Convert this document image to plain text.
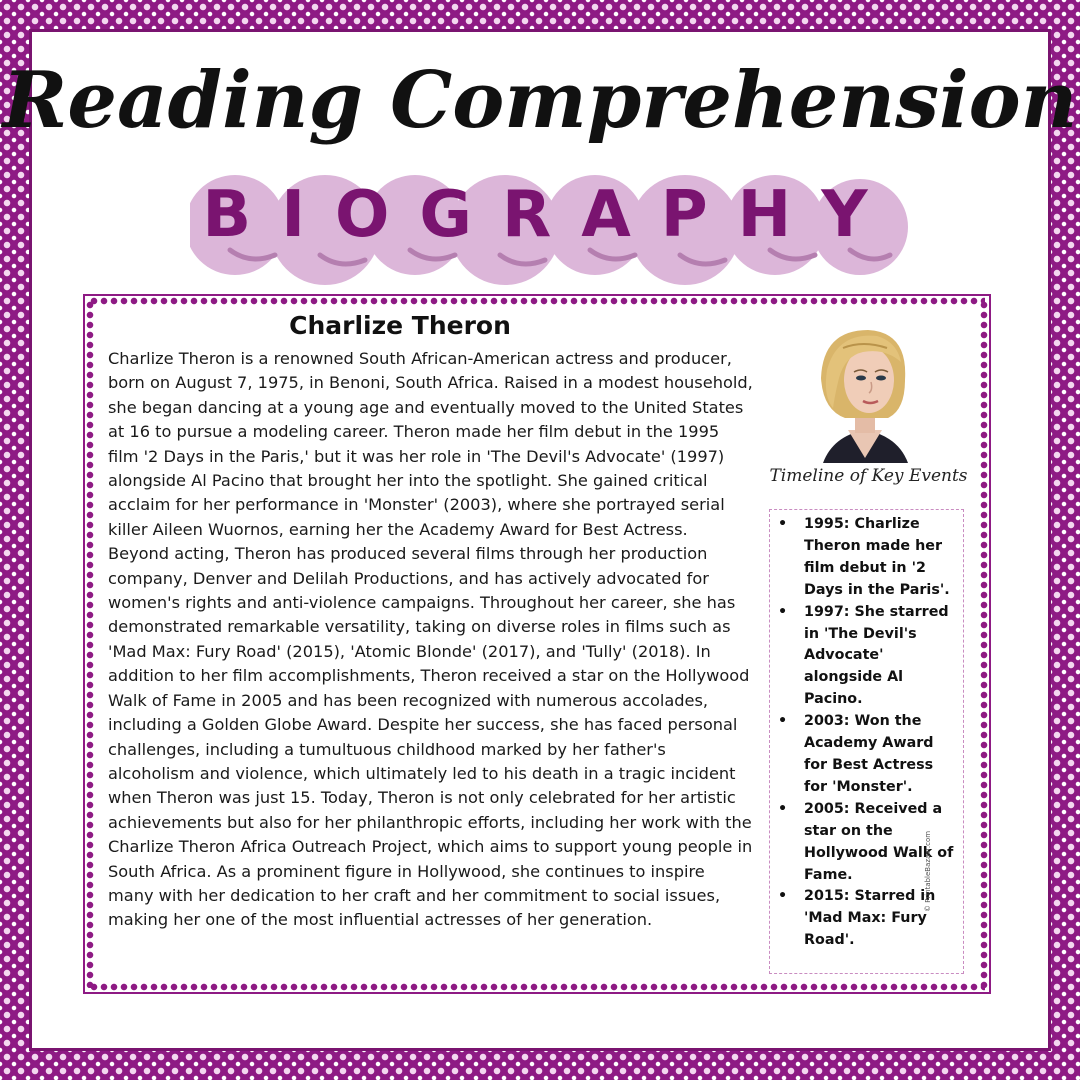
Reading Comprehension
BIOGRAPHY
Charlize Theron

Charlize Theron is a renowned South African-American actress and producer, born on August 7, 1975, in Benoni, South Africa. Raised in a modest household, she began dancing at a young age and eventually moved to the United States at 16 to pursue a modeling career. Theron made her film debut in the 1995 film '2 Days in the Paris,' but it was her role in 'The Devil's Advocate' (1997) alongside Al Pacino that brought her into the spotlight. She gained critical acclaim for her performance in 'Monster' (2003), where she portrayed serial killer Aileen Wuornos, earning her the Academy Award for Best Actress. Beyond acting, Theron has produced several films through her production company, Denver and Delilah Productions, and has actively advocated for women's rights and anti-violence campaigns. Throughout her career, she has demonstrated remarkable versatility, taking on diverse roles in films such as 'Mad Max: Fury Road' (2015), 'Atomic Blonde' (2017), and 'Tully' (2018). In addition to her film accomplishments, Theron received a star on the Hollywood Walk of Fame in 2005 and has been recognized with numerous accolades, including a Golden Globe Award. Despite her success, she has faced personal challenges, including a tumultuous childhood marked by her father's alcoholism and violence, which ultimately led to his death in a tragic incident when Theron was just 15. Today, Theron is not only celebrated for her artistic achievements but also for her philanthropic efforts, including her work with the Charlize Theron Africa Outreach Project, which aims to support young people in South Africa. As a prominent figure in Hollywood, she continues to inspire many with her dedication to her craft and her commitment to social issues, making her one of the most influential actresses of her generation.

Timeline of Key Events

• 1995: Charlize Theron made her film debut in '2 Days in the Paris'.
• 1997: She starred in 'The Devil's Advocate' alongside Al Pacino.
• 2003: Won the Academy Award for Best Actress for 'Monster'.
• 2005: Received a star on the Hollywood Walk of Fame.
• 2015: Starred in 'Mad Max: Fury Road'.
© PrintableBazaar.com
